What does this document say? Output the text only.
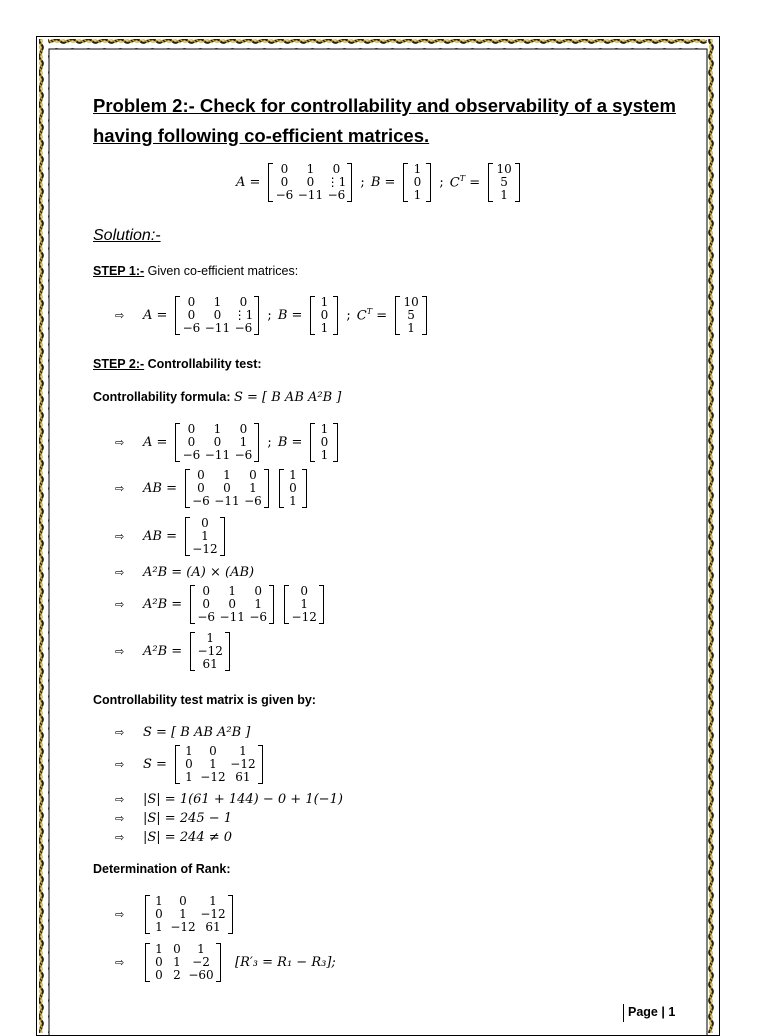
Problem 2:- Check for controllability and observability of a system
having following co-efficient matrices.
A =
0	1	0
0	0	⋮1
−6 −11 −6
; B =
1
0
1
; $C^T$ =
10
5
1
Solution:-
STEP 1:- Given co-efficient matrices:
⇨	A =
0	1	0
0	0	⋮1
−6 −11 −6
; B =
1
0
1
; $C^T$ =
10
5
1
STEP 2:- Controllability test:
Controllability formula: S = [ B AB A²B ]
⇨	A =
0	1	0
0	0	1
−6 −11 −6
; B =
1
0
1
⇨	AB =
0	1	0
0	0	1
−6 −11 −6
1
0
1
⇨	AB =
0
1
−12
⇨	A²B = (A) × (AB)
⇨	A²B =
0	1	0
0	0	1
−6 −11 −6
0
1
−12
⇨	A²B =
1
−12
61
Controllability test matrix is given by:
⇨	S = [ B AB A²B ]
⇨	S =
1	0	1
0	1	−12
1 −12 61
⇨	|S| = 1(61 + 144) − 0 + 1(−1)
⇨	|S| = 245 − 1
⇨	|S| = 244 ≠ 0
Determination of Rank:
⇨
1	0	1
0	1	−12
1 −12 61
⇨
1 0	1
0 1 −2
0 2 −60
[R′₃ = R₁ − R₃];
Page | 1
